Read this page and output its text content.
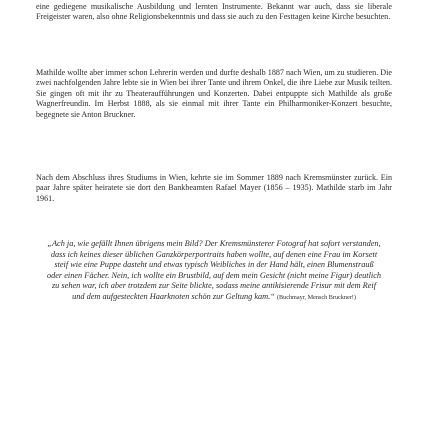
eine gediegene musikalische Ausbildung und lernten Instrumente. Bekannt war auch, dass sie liberale Freigeister waren, also ohne Religionsbekenntnis und dass sie auch zu den Festtagen keine Kirche besuchten.

Mathilde wollte aber immer schon Lehrerin werden und durfte deshalb 1887 nach Wien, um zu studieren. Die zwei nachfolgenden Jahre lebte sie in Wien bei ihrer Tante und ihrem Onkel, die ihre Liebe zur Musik teilten. Sie gingen oft mit ihr zu Theateraufführungen und Konzerten. Dabei entpuppte sich Mathilde als große Wagnerfreundin. Im Herbst 1888, als sie einmal mit ihrer Tante ein Philharmoniker-Konzert besuchte, begegnete sie Anton Bruckner.

Nach dem Abschluss ihres Studiums in Wien, kehrte sie im Sommer 1889 nach Kremsmünster zurück. Ein paar Jahre später heiratete sie dort den Bankbeamten Rafael Mayer (1856 – 1935). Mathilde starb im Jahr 1961.

„Ach ja, wie gefällt Ihnen übrigens mein Bild? Der Kremsmünsterer Fotograf hat sofort verstanden, dass ich keines dieser üblichen Ganzkörperportraits haben wollte, auf denen eine Frau im Korsett steif wie eine Puppe dasteht und etwas typisch Weibliches in der Hand hält, einen Blumenstrauß oder einen Fächer. Nein, ich wollte ein Brustbild, auf dem mein Gesicht (nicht meine Figur) deutlich zu sehen war, ich aber trotzdem zur Seite blickte, sodass meine antikisierende Frisur mit dem Reif und dem aufgesteckten Haarknoten schön zur Geltung kam.“ (Buchmayr, Mensch Bruckner!)
